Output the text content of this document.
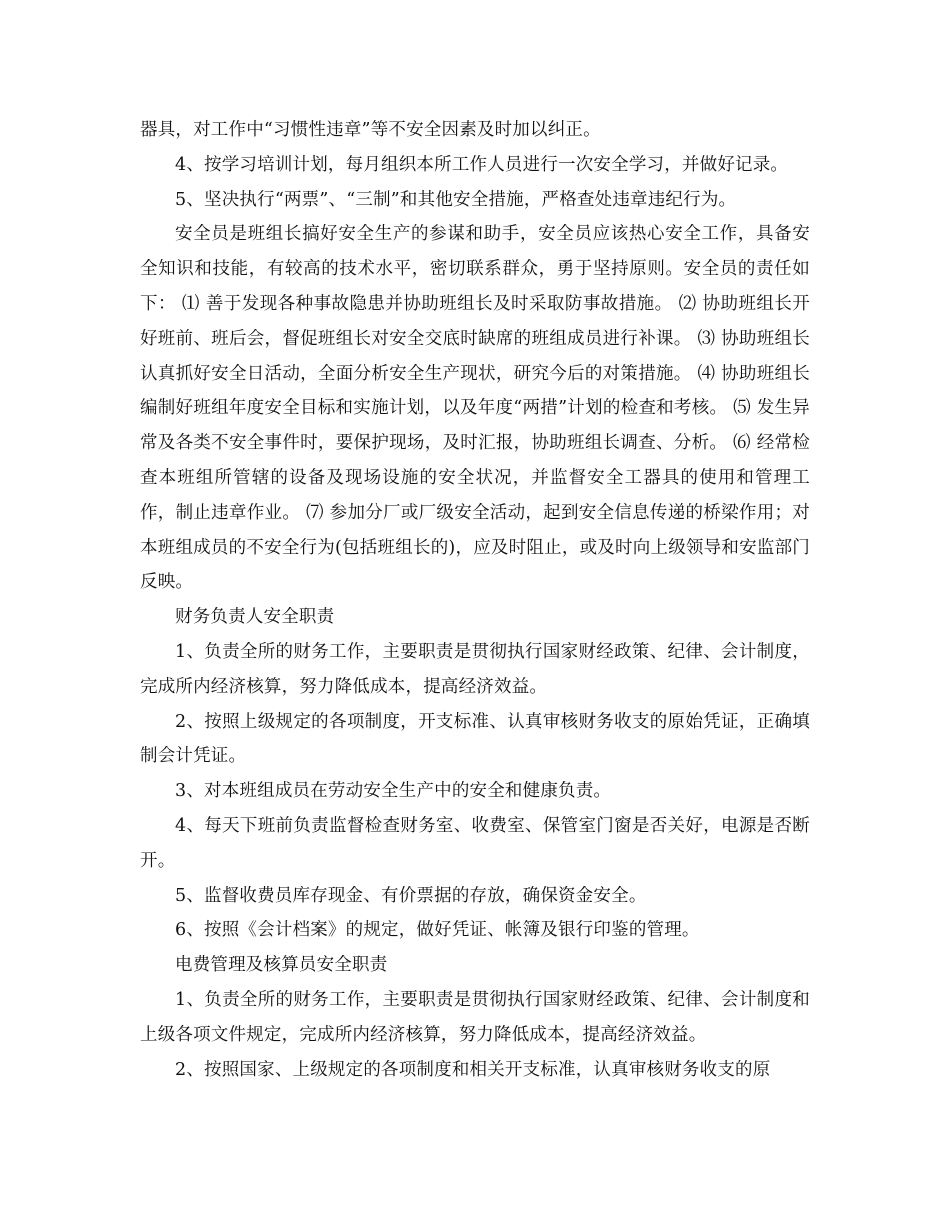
器具，对工作中“习惯性违章”等不安全因素及时加以纠正。

4、按学习培训计划，每月组织本所工作人员进行一次安全学习，并做好记录。

5、坚决执行“两票”、“三制”和其他安全措施，严格查处违章违纪行为。

安全员是班组长搞好安全生产的参谋和助手，安全员应该热心安全工作，具备安全知识和技能，有较高的技术水平，密切联系群众，勇于坚持原则。安全员的责任如下： ⑴ 善于发现各种事故隐患并协助班组长及时采取防事故措施。 ⑵ 协助班组长开好班前、班后会，督促班组长对安全交底时缺席的班组成员进行补课。 ⑶ 协助班组长认真抓好安全日活动，全面分析安全生产现状，研究今后的对策措施。 ⑷ 协助班组长编制好班组年度安全目标和实施计划，以及年度“两措”计划的检查和考核。 ⑸ 发生异常及各类不安全事件时，要保护现场，及时汇报，协助班组长调查、分析。 ⑹ 经常检查本班组所管辖的设备及现场设施的安全状况，并监督安全工器具的使用和管理工作，制止违章作业。 ⑺ 参加分厂或厂级安全活动，起到安全信息传递的桥梁作用；对本班组成员的不安全行为(包括班组长的)，应及时阻止，或及时向上级领导和安监部门反映。

财务负责人安全职责

1、负责全所的财务工作，主要职责是贯彻执行国家财经政策、纪律、会计制度，完成所内经济核算，努力降低成本，提高经济效益。

2、按照上级规定的各项制度，开支标准、认真审核财务收支的原始凭证，正确填制会计凭证。

3、对本班组成员在劳动安全生产中的安全和健康负责。

4、每天下班前负责监督检查财务室、收费室、保管室门窗是否关好，电源是否断开。

5、监督收费员库存现金、有价票据的存放，确保资金安全。

6、按照《会计档案》的规定，做好凭证、帐簿及银行印鉴的管理。

电费管理及核算员安全职责

1、负责全所的财务工作，主要职责是贯彻执行国家财经政策、纪律、会计制度和上级各项文件规定，完成所内经济核算，努力降低成本，提高经济效益。

2、按照国家、上级规定的各项制度和相关开支标准，认真审核财务收支的原
